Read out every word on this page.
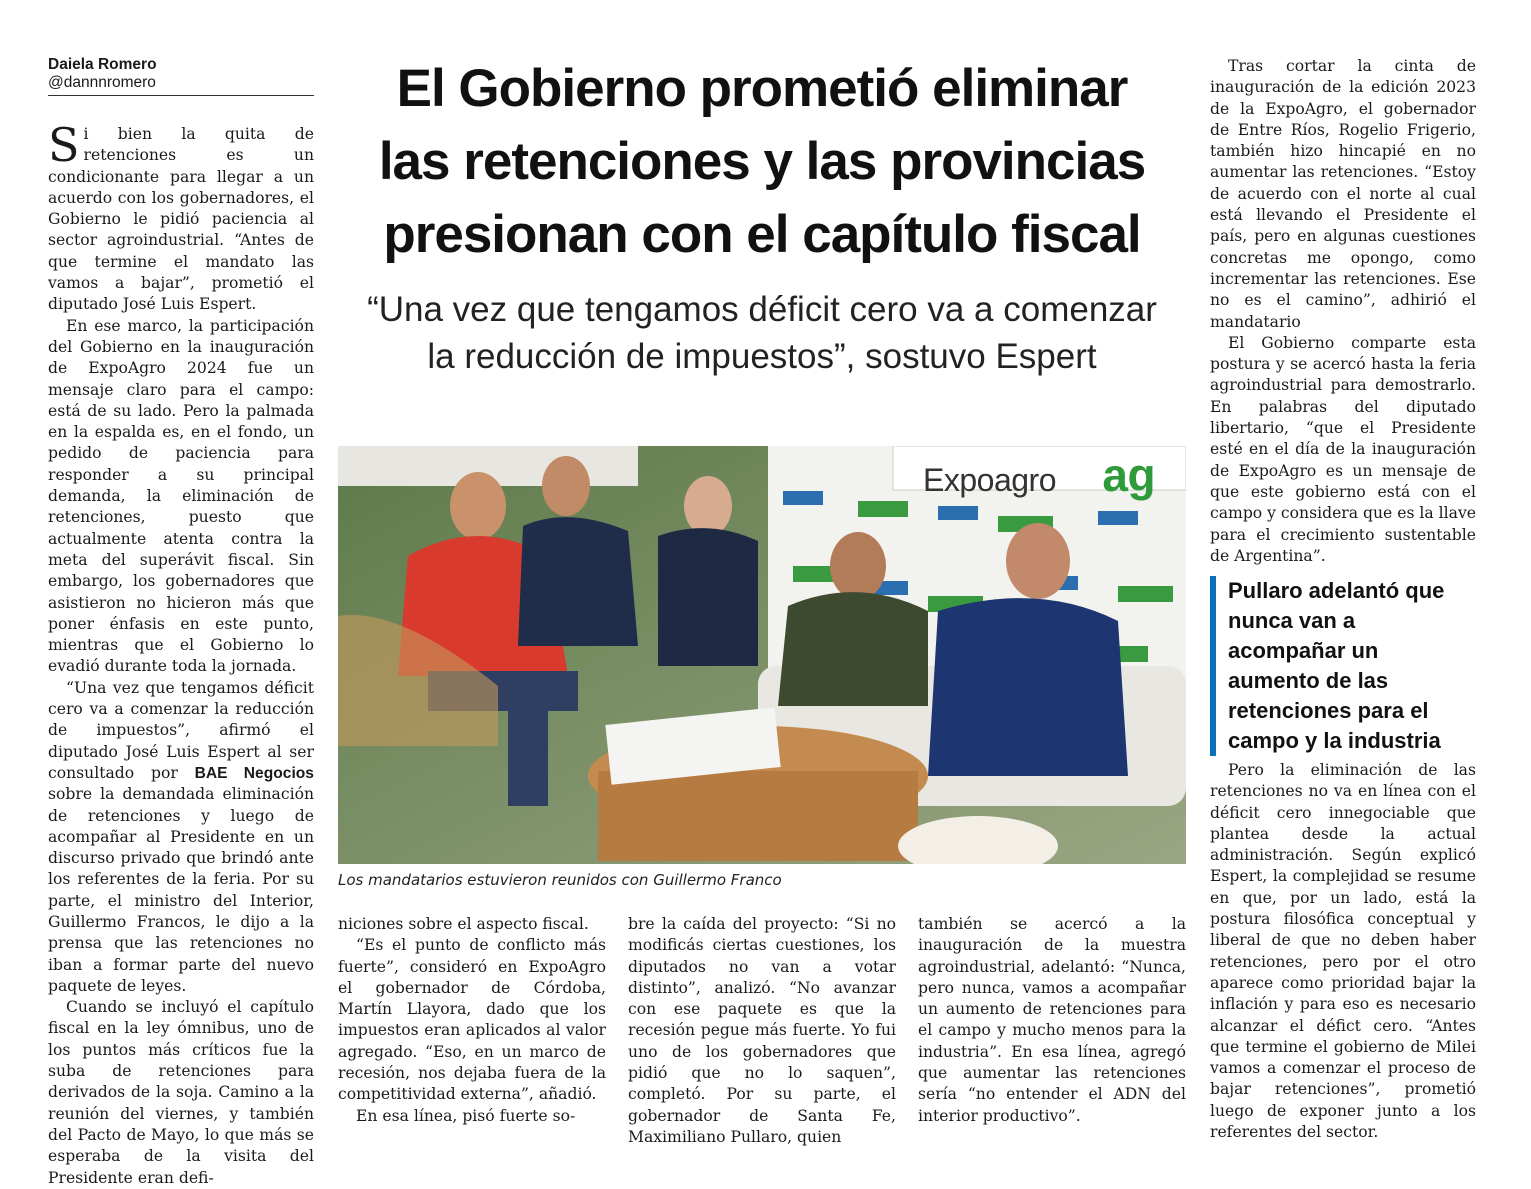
Daiela Romero
@dannnromero

Si bien la quita de retenciones es un condicionante para llegar a un acuerdo con los gobernadores, el Gobierno le pidió paciencia al sector agroindustrial. “Antes de que termine el mandato las vamos a bajar”, prometió el diputado José Luis Espert.

En ese marco, la participación del Gobierno en la inauguración de ExpoAgro 2024 fue un mensaje claro para el campo: está de su lado. Pero la palmada en la espalda es, en el fondo, un pedido de paciencia para responder a su principal demanda, la eliminación de retenciones, puesto que actualmente atenta contra la meta del superávit fiscal. Sin embargo, los gobernadores que asistieron no hicieron más que poner énfasis en este punto, mientras que el Gobierno lo evadió durante toda la jornada.

“Una vez que tengamos déficit cero va a comenzar la reducción de impuestos”, afirmó el diputado José Luis Espert al ser consultado por BAE Negocios sobre la demandada eliminación de retenciones y luego de acompañar al Presidente en un discurso privado que brindó ante los referentes de la feria. Por su parte, el ministro del Interior, Guillermo Francos, le dijo a la prensa que las retenciones no iban a formar parte del nuevo paquete de leyes.

Cuando se incluyó el capítulo fiscal en la ley ómnibus, uno de los puntos más críticos fue la suba de retenciones para derivados de la soja. Camino a la reunión del viernes, y también del Pacto de Mayo, lo que más se esperaba de la visita del Presidente eran defi-

El Gobierno prometió eliminar
las retenciones y las provincias
presionan con el capítulo fiscal
“Una vez que tengamos déficit cero va a comenzar
la reducción de impuestos”, sostuvo Espert
Expoagro ag
Los mandatarios estuvieron reunidos con Guillermo Franco

niciones sobre el aspecto fiscal.

“Es el punto de conflicto más fuerte”, consideró en ExpoAgro el gobernador de Córdoba, Martín Llayora, dado que los impuestos eran aplicados al valor agregado. “Eso, en un marco de recesión, nos dejaba fuera de la competitividad externa”, añadió.

En esa línea, pisó fuerte so-

bre la caída del proyecto: “Si no modificás ciertas cuestiones, los diputados no van a votar distinto”, analizó. “No avanzar con ese paquete es que la recesión pegue más fuerte. Yo fui uno de los gobernadores que pidió que no lo saquen”, completó. Por su parte, el gobernador de Santa Fe, Maximiliano Pullaro, quien

también se acercó a la inauguración de la muestra agroindustrial, adelantó: “Nunca, pero nunca, vamos a acompañar un aumento de retenciones para el campo y mucho menos para la industria”. En esa línea, agregó que aumentar las retenciones sería “no entender el ADN del interior productivo”.

Tras cortar la cinta de inauguración de la edición 2023 de la ExpoAgro, el gobernador de Entre Ríos, Rogelio Frigerio, también hizo hincapié en no aumentar las retenciones. “Estoy de acuerdo con el norte al cual está llevando el Presidente el país, pero en algunas cuestiones concretas me opongo, como incrementar las retenciones. Ese no es el camino”, adhirió el mandatario

El Gobierno comparte esta postura y se acercó hasta la feria agroindustrial para demostrarlo. En palabras del diputado libertario, “que el Presidente esté en el día de la inauguración de ExpoAgro es un mensaje de que este gobierno está con el campo y considera que es la llave para el crecimiento sustentable de Argentina”.

Pullaro adelantó que nunca van a acompañar un aumento de las retenciones para el campo y la industria

Pero la eliminación de las retenciones no va en línea con el déficit cero innegociable que plantea desde la actual administración. Según explicó Espert, la complejidad se resume en que, por un lado, está la postura filosófica conceptual y liberal de que no deben haber retenciones, pero por el otro aparece como prioridad bajar la inflación y para eso es necesario alcanzar el défict cero. “Antes que termine el gobierno de Milei vamos a comenzar el proceso de bajar retenciones”, prometió luego de exponer junto a los referentes del sector.
